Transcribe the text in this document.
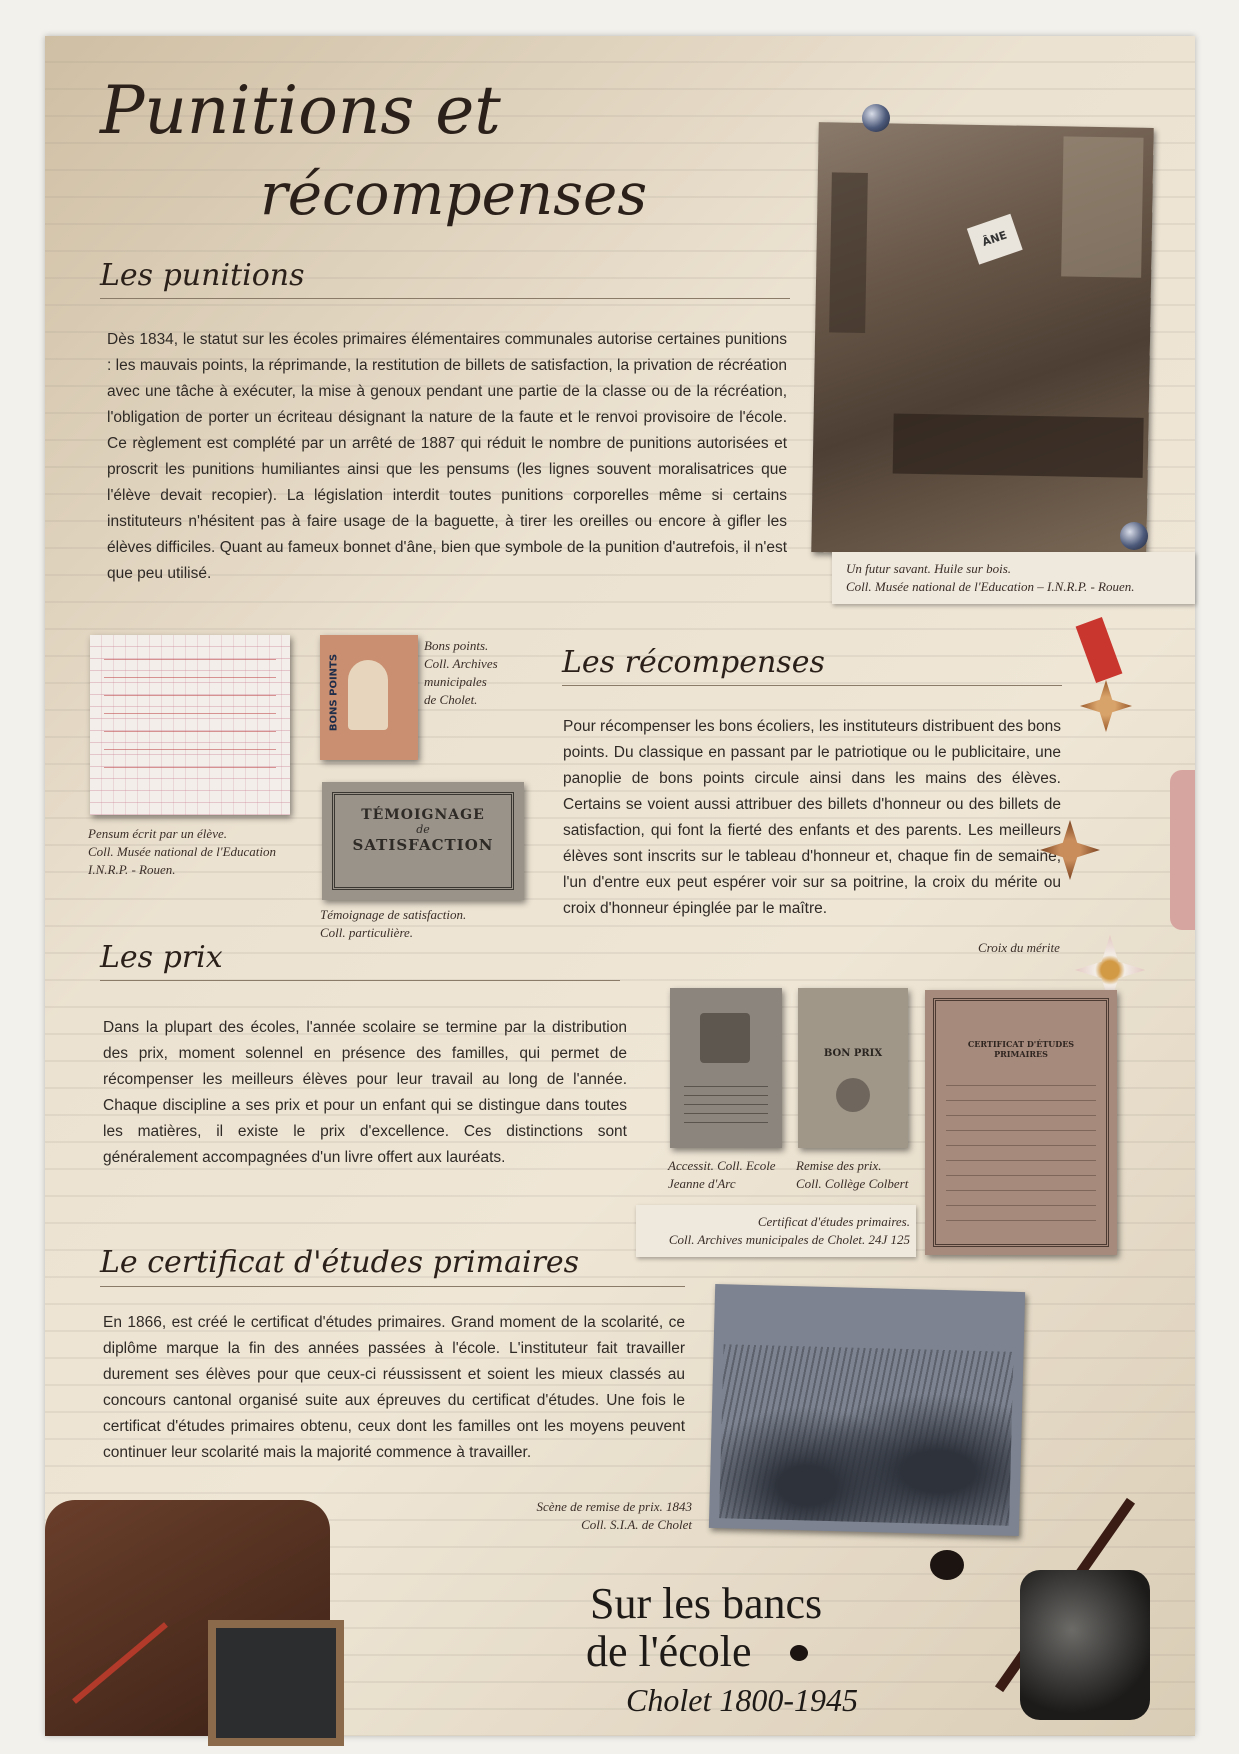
Punitions et
récompenses
Les punitions

Dès 1834, le statut sur les écoles primaires élémentaires communales autorise certaines punitions : les mauvais points, la réprimande, la restitution de billets de satisfaction, la privation de récréation avec une tâche à exécuter, la mise à genoux pendant une partie de la classe ou de la récréation, l'obligation de porter un écriteau désignant la nature de la faute et le renvoi provisoire de l'école. Ce règlement est complété par un arrêté de 1887 qui réduit le nombre de punitions autorisées et proscrit les punitions humiliantes ainsi que les pensums (les lignes souvent moralisatrices que l'élève devait recopier). La législation interdit toutes punitions corporelles même si certains instituteurs n'hésitent pas à faire usage de la baguette, à tirer les oreilles ou encore à gifler les élèves difficiles. Quant au fameux bonnet d'âne, bien que symbole de la punition d'autrefois, il n'est que peu utilisé.

ÂNE
Un futur savant. Huile sur bois.
Coll. Musée national de l'Education – I.N.R.P. - Rouen.
Pensum écrit par un élève.
Coll. Musée national de l'Education
I.N.R.P. - Rouen.
BONS POINTS
Bons points.
Coll. Archives
municipales
de Cholet.
TÉMOIGNAGE
de
SATISFACTION
Témoignage de satisfaction.
Coll. particulière.
Les récompenses

Pour récompenser les bons écoliers, les instituteurs distribuent des bons points. Du classique en passant par le patriotique ou le publicitaire, une panoplie de bons points circule ainsi dans les mains des élèves. Certains se voient aussi attribuer des billets d'honneur ou des billets de satisfaction, qui font la fierté des enfants et des parents. Les meilleurs élèves sont inscrits sur le tableau d'honneur et, chaque fin de semaine, l'un d'entre eux peut espérer voir sur sa poitrine, la croix du mérite ou croix d'honneur épinglée par le maître.

Croix du mérite
Les prix

Dans la plupart des écoles, l'année scolaire se termine par la distribution des prix, moment solennel en présence des familles, qui permet de récompenser les meilleurs élèves pour leur travail au long de l'année. Chaque discipline a ses prix et pour un enfant qui se distingue dans toutes les matières, il existe le prix d'excellence. Ces distinctions sont généralement accompagnées d'un livre offert aux lauréats.	Accessit. Coll. Ecole
Jeanne d'Arc
BON PRIX
Remise des prix.
Coll. Collège Colbert
CERTIFICAT D'ÉTUDES PRIMAIRES
Certificat d'études primaires.
Coll. Archives municipales de Cholet. 24J 125
Le certificat d'études primaires

En 1866, est créé le certificat d'études primaires. Grand moment de la scolarité, ce diplôme marque la fin des années passées à l'école. L'instituteur fait travailler durement ses élèves pour que ceux-ci réussissent et soient les mieux classés au concours cantonal organisé suite aux épreuves du certificat d'études. Une fois le certificat d'études primaires obtenu, ceux dont les familles ont les moyens peuvent continuer leur scolarité mais la majorité commence à travailler.

Scène de remise de prix. 1843
Coll. S.I.A. de Cholet
Sur les bancs
de l'école
Cholet 1800-1945
